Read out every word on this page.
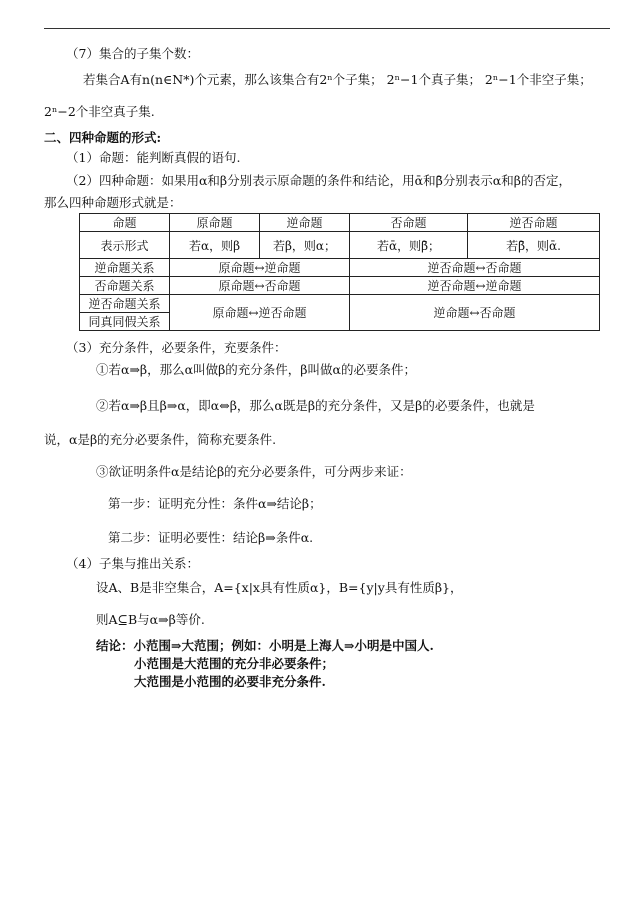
（7）集合的子集个数：
若集合A有n(n∈N*)个元素，那么该集合有2ⁿ个子集； 2ⁿ−1个真子集； 2ⁿ−1个非空子集；
2ⁿ−2个非空真子集.
二、四种命题的形式:
（1）命题：能判断真假的语句.
（2）四种命题：如果用α和β分别表示原命题的条件和结论，用ᾱ和β̄分别表示α和β的否定，
那么四种命题形式就是：
命题	原命题	逆命题	否命题	逆否命题
表示形式	若α，则β	若β，则α；	若ᾱ，则β̄；	若β̄，则ᾱ.
逆命题关系	原命题↔逆命题		逆否命题↔否命题	
否命题关系	原命题↔否命题		逆否命题↔逆命题	
逆否命题关系	原命题↔逆否命题		逆命题↔否命题	
同真同假关系				
（3）充分条件，必要条件，充要条件：
①若α⇒β，那么α叫做β的充分条件，β叫做α的必要条件；
②若α⇒β且β⇒α，即α⇔β，那么α既是β的充分条件，又是β的必要条件，也就是
说，α是β的充分必要条件，简称充要条件.
③欲证明条件α是结论β的充分必要条件，可分两步来证：
第一步：证明充分性：条件α⇒结论β；
第二步：证明必要性：结论β⇒条件α.
（4）子集与推出关系：
设A、B是非空集合，A={x|x具有性质α}，B={y|y具有性质β}，
则A⊆B与α⇒β等价.
结论：小范围⇒大范围；例如：小明是上海人⇒小明是中国人.
小范围是大范围的充分非必要条件；
大范围是小范围的必要非充分条件.
